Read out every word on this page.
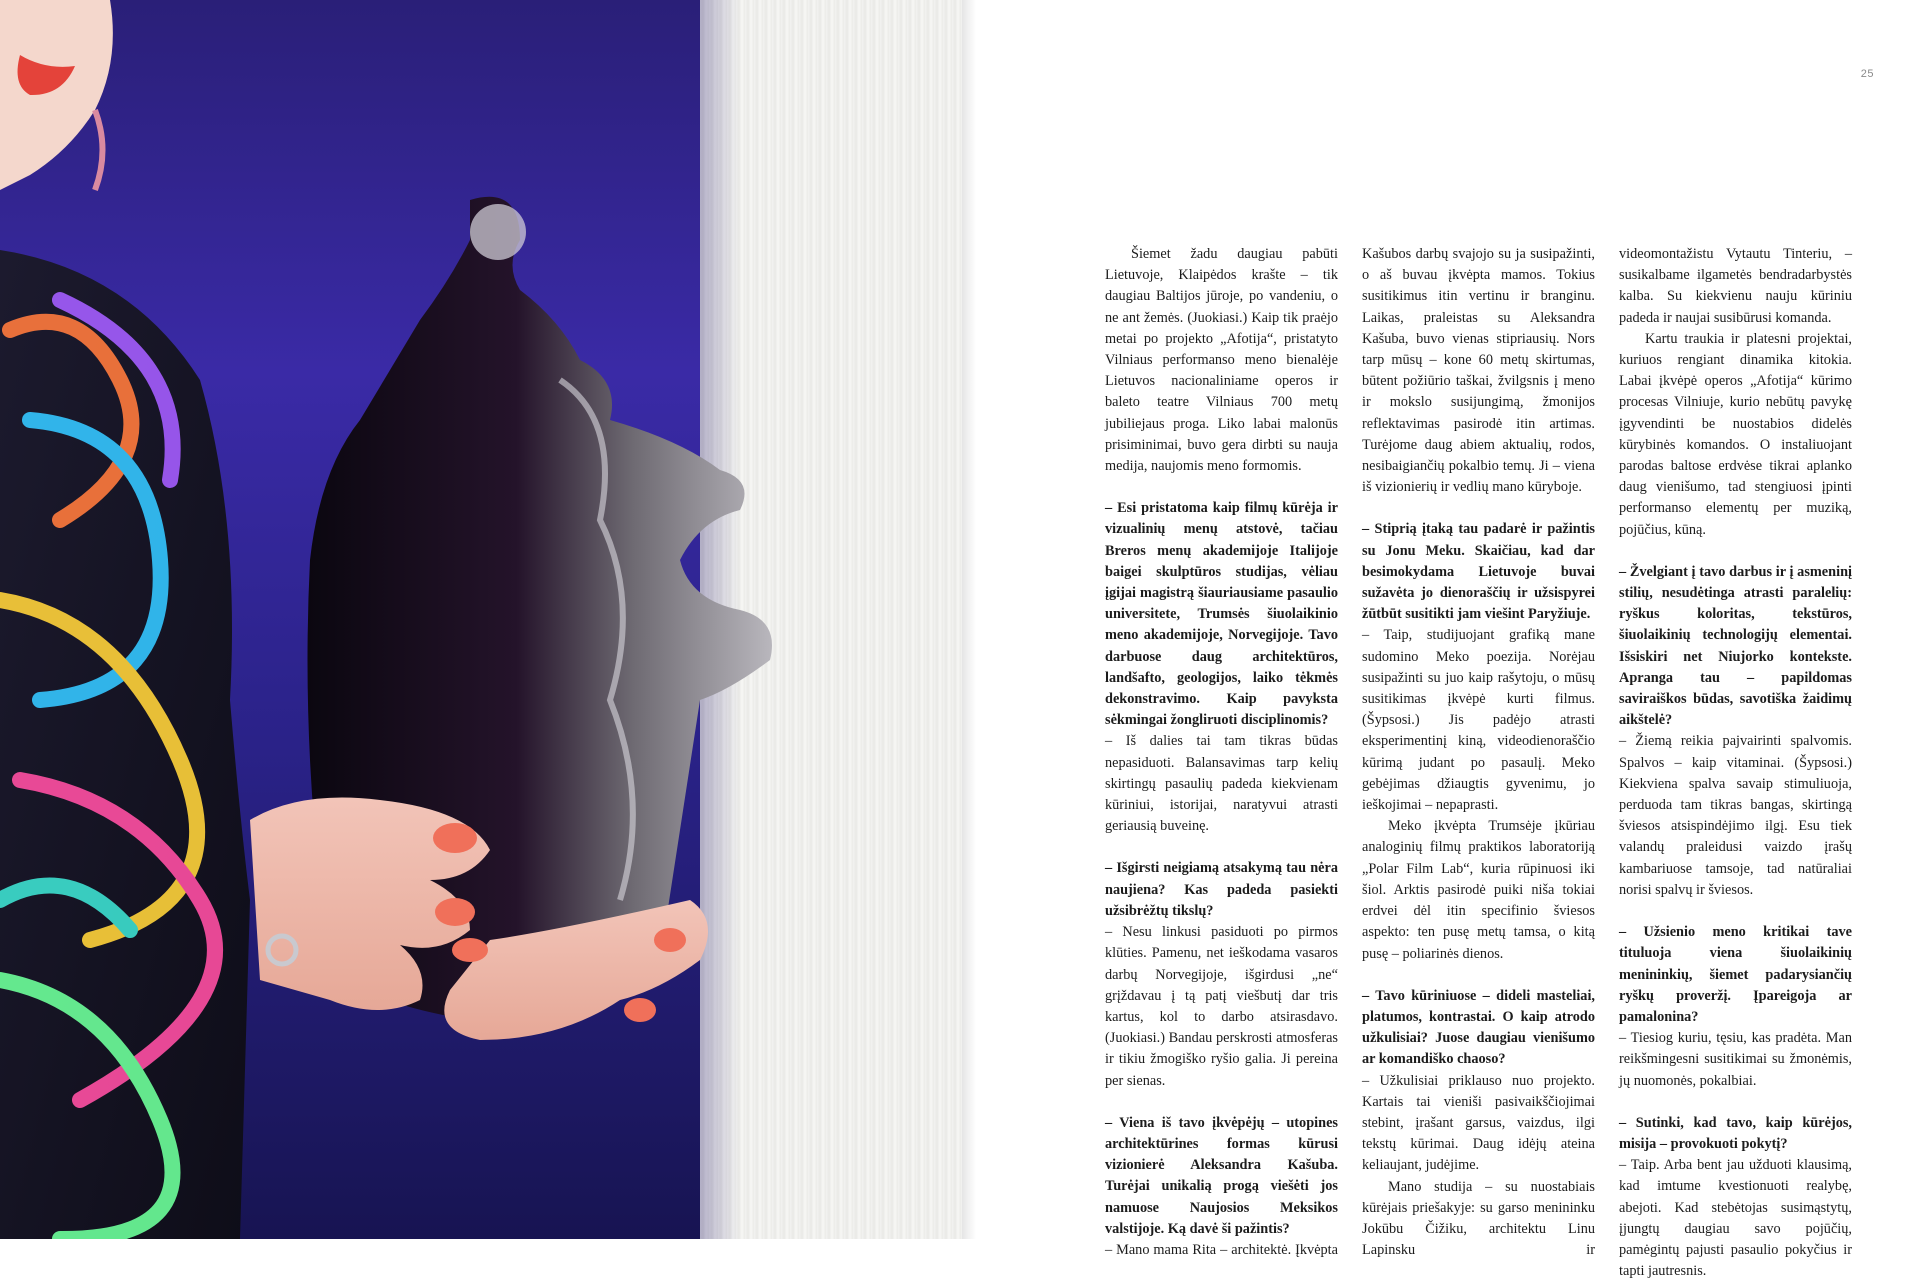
25

Šiemet žadu daugiau pabūti Lietuvoje, Klaipėdos krašte – tik daugiau Baltijos jūroje, po vandeniu, o ne ant žemės. (Juokiasi.) Kaip tik praėjo metai po projekto „Afotija“, pristatyto Vilniaus performanso meno bienalėje Lietuvos nacionaliniame operos ir baleto teatre Vilniaus 700 metų jubiliejaus proga. Liko labai malonūs prisiminimai, buvo gera dirbti su nauja medija, naujomis meno formomis.

– Esi pristatoma kaip filmų kūrėja ir vizualinių menų atstovė, tačiau Breros menų akademijoje Italijoje baigei skulptūros studijas, vėliau įgijai magistrą šiauriausiame pasaulio universitete, Trumsės šiuolaikinio meno akademijoje, Norvegijoje. Tavo darbuose daug architektūros, landšafto, geologijos, laiko tėkmės dekonstravimo. Kaip pavyksta sėkmingai žongliruoti disciplinomis?

– Iš dalies tai tam tikras būdas nepasiduoti. Balansavimas tarp kelių skirtingų pasaulių padeda kiekvienam kūriniui, istorijai, naratyvui atrasti geriausią buveinę.

– Išgirsti neigiamą atsakymą tau nėra naujiena? Kas padeda pasiekti užsibrėžtų tikslų?

– Nesu linkusi pasiduoti po pirmos klūties. Pamenu, net ieškodama vasaros darbų Norvegijoje, išgirdusi „ne“ grįždavau į tą patį viešbutį dar tris kartus, kol to darbo atsirasdavo. (Juokiasi.) Bandau perskrosti atmosferas ir tikiu žmogiško ryšio galia. Ji pereina per sienas.

– Viena iš tavo įkvėpėjų – utopines architektūrines formas kūrusi vizionierė Aleksandra Kašuba. Turėjai unikalią progą viešėti jos namuose Naujosios Meksikos valstijoje. Ką davė ši pažintis?

– Mano mama Rita – architektė. Įkvėpta

Kašubos darbų svajojo su ja susipažinti, o aš buvau įkvėpta mamos. Tokius susitikimus itin vertinu ir branginu. Laikas, praleistas su Aleksandra Kašuba, buvo vienas stipriausių. Nors tarp mūsų – kone 60 metų skirtumas, būtent požiūrio taškai, žvilgsnis į meno ir mokslo susijungimą, žmonijos reflektavimas pasirodė itin artimas. Turėjome daug abiem aktualių, rodos, nesibaigiančių pokalbio temų. Ji – viena iš vizionierių ir vedlių mano kūryboje.

– Stiprią įtaką tau padarė ir pažintis su Jonu Meku. Skaičiau, kad dar besimokydama Lietuvoje buvai sužavėta jo dienoraščių ir užsispyrei žūtbūt susitikti jam viešint Paryžiuje.

– Taip, studijuojant grafiką mane sudomino Meko poezija. Norėjau susipažinti su juo kaip rašytoju, o mūsų susitikimas įkvėpė kurti filmus. (Šypsosi.) Jis padėjo atrasti eksperimentinį kiną, videodienoraščio kūrimą judant po pasaulį. Meko gebėjimas džiaugtis gyvenimu, jo ieškojimai – nepaprasti.

Meko įkvėpta Trumsėje įkūriau analoginių filmų praktikos laboratoriją „Polar Film Lab“, kuria rūpinuosi iki šiol. Arktis pasirodė puiki niša tokiai erdvei dėl itin specifinio šviesos aspekto: ten pusę metų tamsa, o kitą pusę – poliarinės dienos.

– Tavo kūriniuose – dideli masteliai, platumos, kontrastai. O kaip atrodo užkulisiai? Juose daugiau vienišumo ar komandiško chaoso?

– Užkulisiai priklauso nuo projekto. Kartais tai vieniši pasivaikščiojimai stebint, įrašant garsus, vaizdus, ilgi tekstų kūrimai. Daug idėjų ateina keliaujant, judėjime.

Mano studija – su nuostabiais kūrėjais priešakyje: su garso menininku Jokūbu Čižiku, architektu Linu Lapinsku ir

videomontažistu Vytautu Tinteriu, – susikalbame ilgametės bendradarbystės kalba. Su kiekvienu nauju kūriniu padeda ir naujai susibūrusi komanda.

Kartu traukia ir platesni projektai, kuriuos rengiant dinamika kitokia. Labai įkvėpė operos „Afotija“ kūrimo procesas Vilniuje, kurio nebūtų pavykę įgyvendinti be nuostabios didelės kūrybinės komandos. O instaliuojant parodas baltose erdvėse tikrai aplanko daug vienišumo, tad stengiuosi įpinti performanso elementų per muziką, pojūčius, kūną.

– Žvelgiant į tavo darbus ir į asmeninį stilių, nesudėtinga atrasti paralelių: ryškus koloritas, tekstūros, šiuolaikinių technologijų elementai. Išsiskiri net Niujorko kontekste. Apranga tau – papildomas saviraiškos būdas, savotiška žaidimų aikštelė?

– Žiemą reikia pajvairinti spalvomis. Spalvos – kaip vitaminai. (Šypsosi.) Kiekviena spalva savaip stimuliuoja, perduoda tam tikras bangas, skirtingą šviesos atsispindėjimo ilgį. Esu tiek valandų praleidusi vaizdo įrašų kambariuose tamsoje, tad natūraliai norisi spalvų ir šviesos.

– Užsienio meno kritikai tave tituluoja viena šiuolaikinių menininkių, šiemet padarysiančių ryškų proveržį. Įpareigoja ar pamalonina?

– Tiesiog kuriu, tęsiu, kas pradėta. Man reikšmingesni susitikimai su žmonėmis, jų nuomonės, pokalbiai.

– Sutinki, kad tavo, kaip kūrėjos, misija – provokuoti pokytį?

– Taip. Arba bent jau užduoti klausimą, kad imtume kvestionuoti realybę, abejoti. Kad stebėtojas susimąstytų, įjungtų daugiau savo pojūčių, pamėgintų pajusti pasaulio pokyčius ir tapti jautresnis.
